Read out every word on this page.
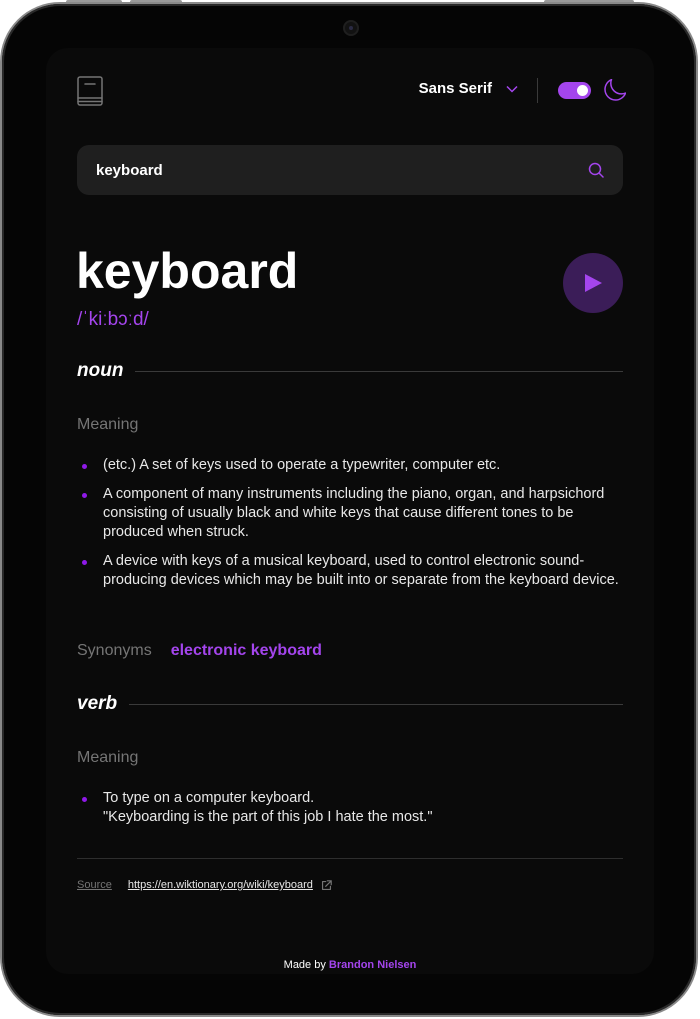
Sans Serif
keyboard
keyboard
/ˈkiːbɔːd/
noun
Meaning
(etc.) A set of keys used to operate a typewriter, computer etc.
A component of many instruments including the piano, organ, and harpsichord consisting of usually black and white keys that cause different tones to be produced when struck.
A device with keys of a musical keyboard, used to control electronic sound-producing devices which may be built into or separate from the keyboard device.
Synonyms electronic keyboard
verb
Meaning
To type on a computer keyboard.
"Keyboarding is the part of this job I hate the most."
Source https://en.wiktionary.org/wiki/keyboard
Made by Brandon Nielsen
